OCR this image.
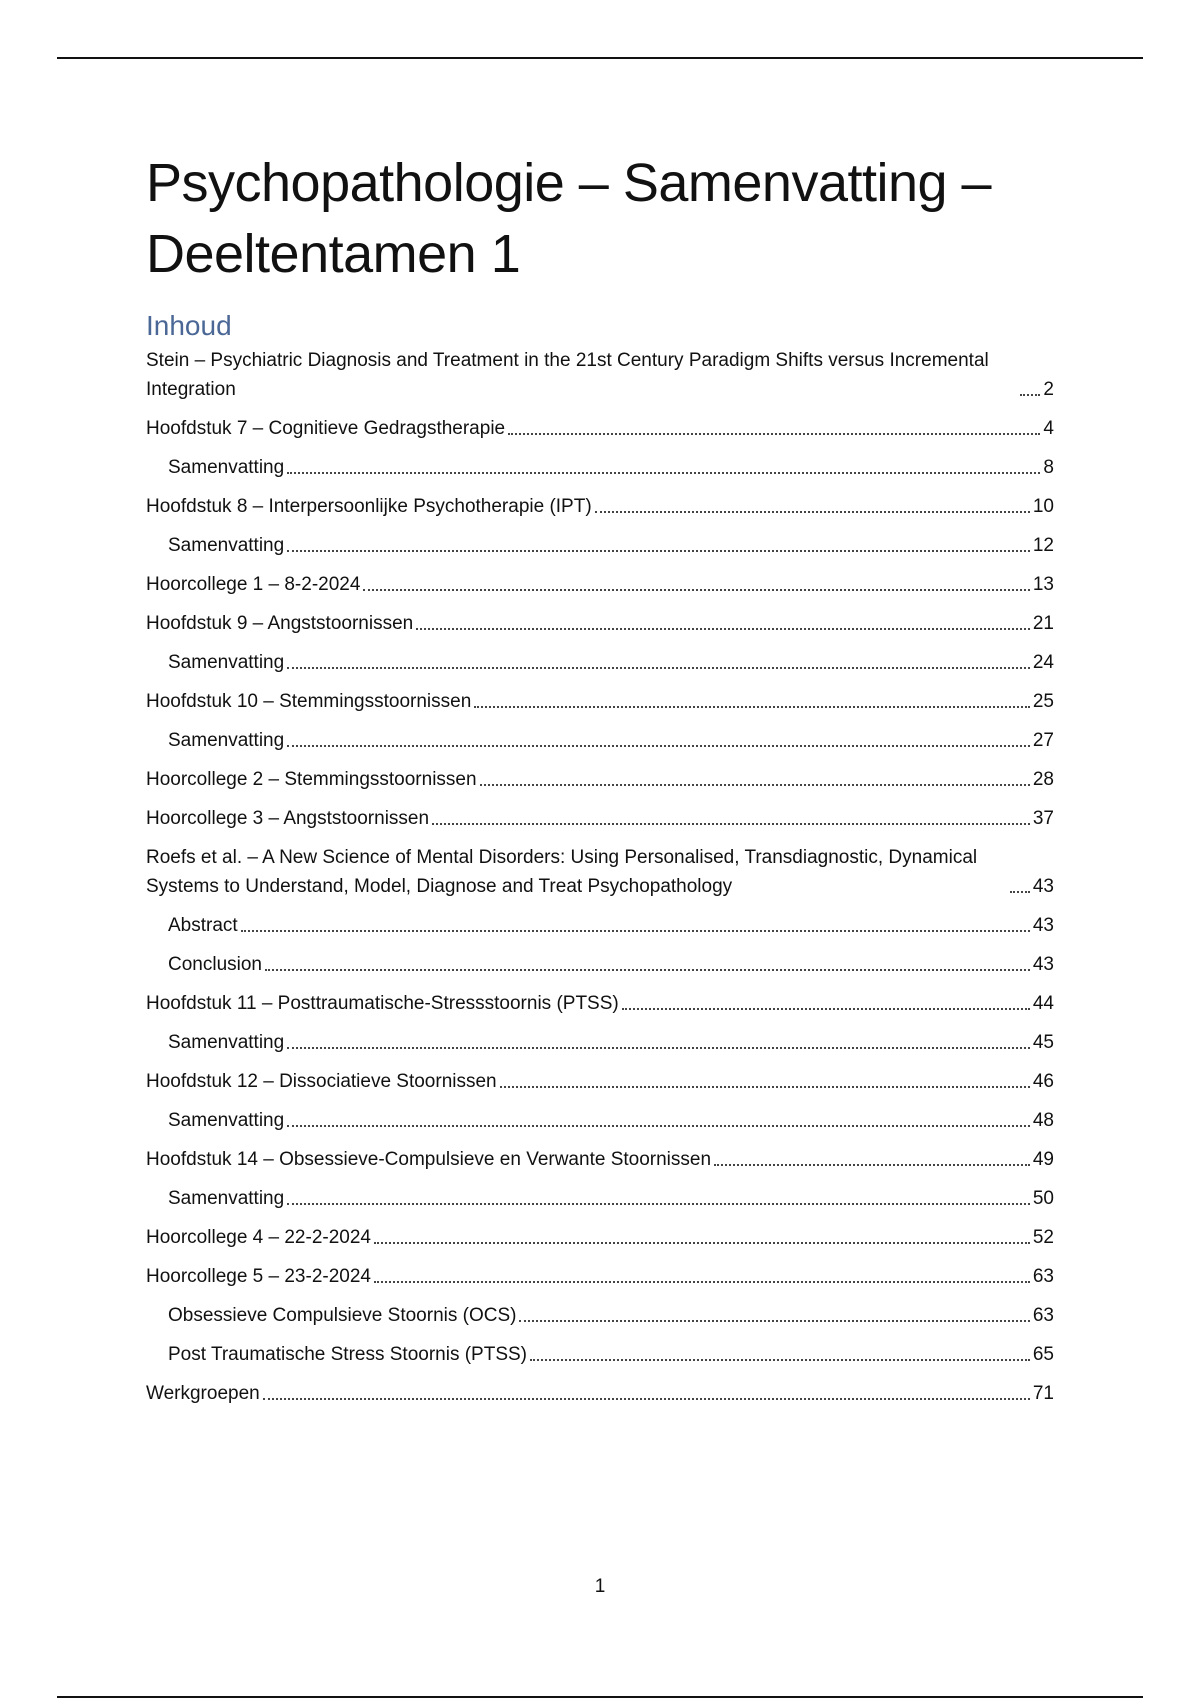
Psychopathologie – Samenvatting – Deeltentamen 1
Inhoud
Stein – Psychiatric Diagnosis and Treatment in the 21st Century Paradigm Shifts versus Incremental Integration	2
Hoofdstuk 7 – Cognitieve Gedragstherapie	4
Samenvatting	8
Hoofdstuk 8 – Interpersoonlijke Psychotherapie (IPT)	10
Samenvatting	12
Hoorcollege 1 – 8-2-2024	13
Hoofdstuk 9 – Angststoornissen	21
Samenvatting	24
Hoofdstuk 10 – Stemmingsstoornissen	25
Samenvatting	27
Hoorcollege 2 – Stemmingsstoornissen	28
Hoorcollege 3 – Angststoornissen	37
Roefs et al. – A New Science of Mental Disorders: Using Personalised, Transdiagnostic, Dynamical Systems to Understand, Model, Diagnose and Treat Psychopathology	43
Abstract	43
Conclusion	43
Hoofdstuk 11 – Posttraumatische-Stressstoornis (PTSS)	44
Samenvatting	45
Hoofdstuk 12 – Dissociatieve Stoornissen	46
Samenvatting	48
Hoofdstuk 14 – Obsessieve-Compulsieve en Verwante Stoornissen	49
Samenvatting	50
Hoorcollege 4 – 22-2-2024	52
Hoorcollege 5 – 23-2-2024	63
Obsessieve Compulsieve Stoornis (OCS)	63
Post Traumatische Stress Stoornis (PTSS)	65
Werkgroepen	71
1
